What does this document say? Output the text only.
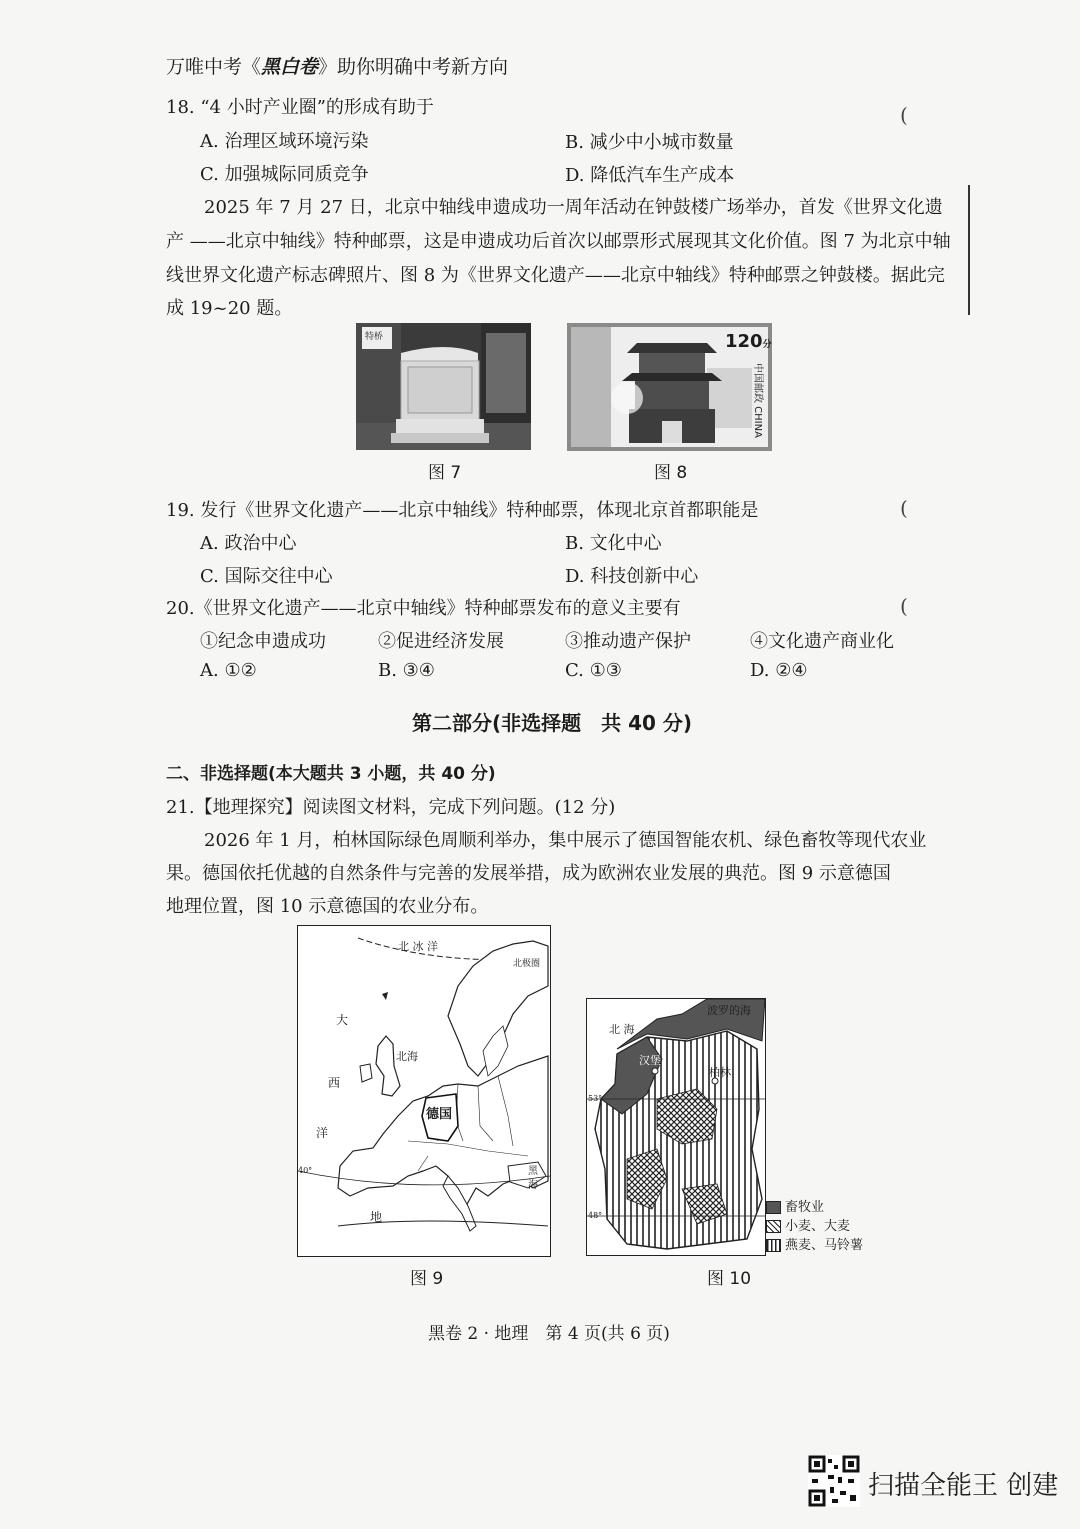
万唯中考《黑白卷》助你明确中考新方向
18. “4 小时产业圈”的形成有助于	(
A. 治理区域环境污染	B. 减少中小城市数量
C. 加强城际同质竞争	D. 降低汽车生产成本
2025 年 7 月 27 日，北京中轴线申遗成功一周年活动在钟鼓楼广场举办，首发《世界文化遗
产 ——北京中轴线》特种邮票，这是申遗成功后首次以邮票形式展现其文化价值。图 7 为北京中轴
线世界文化遗产标志碑照片、图 8 为《世界文化遗产——北京中轴线》特种邮票之钟鼓楼。据此完
成 19~20 题。
特桥
图 7
120分
中国邮政 CHINA
图 8
19. 发行《世界文化遗产——北京中轴线》特种邮票，体现北京首都职能是	(
A. 政治中心	B. 文化中心
C. 国际交往中心	D. 科技创新中心
20.《世界文化遗产——北京中轴线》特种邮票发布的意义主要有	(
①纪念申遗成功	②促进经济发展	③推动遗产保护	④文化遗产商业化
A. ①②	B. ③④	C. ①③	D. ②④
第二部分(非选择题　共 40 分)
二、非选择题(本大题共 3 小题，共 40 分)
21.【地理探究】阅读图文材料，完成下列问题。(12 分)
2026 年 1 月，柏林国际绿色周顺利举办，集中展示了德国智能农机、绿色畜牧等现代农业
果。德国依托优越的自然条件与完善的发展举措，成为欧洲农业发展的典范。图 9 示意德国
地理位置，图 10 示意德国的农业分布。
北 冰 洋
北极圈
大
西
洋
北海
德国
黑
海
地
40°
图 9
北 海
波罗的海
汉堡
柏林
53°
48°
畜牧业
小麦、大麦
燕麦、马铃薯
图 10
黑卷 2 · 地理　第 4 页(共 6 页)
扫描全能王 创建
